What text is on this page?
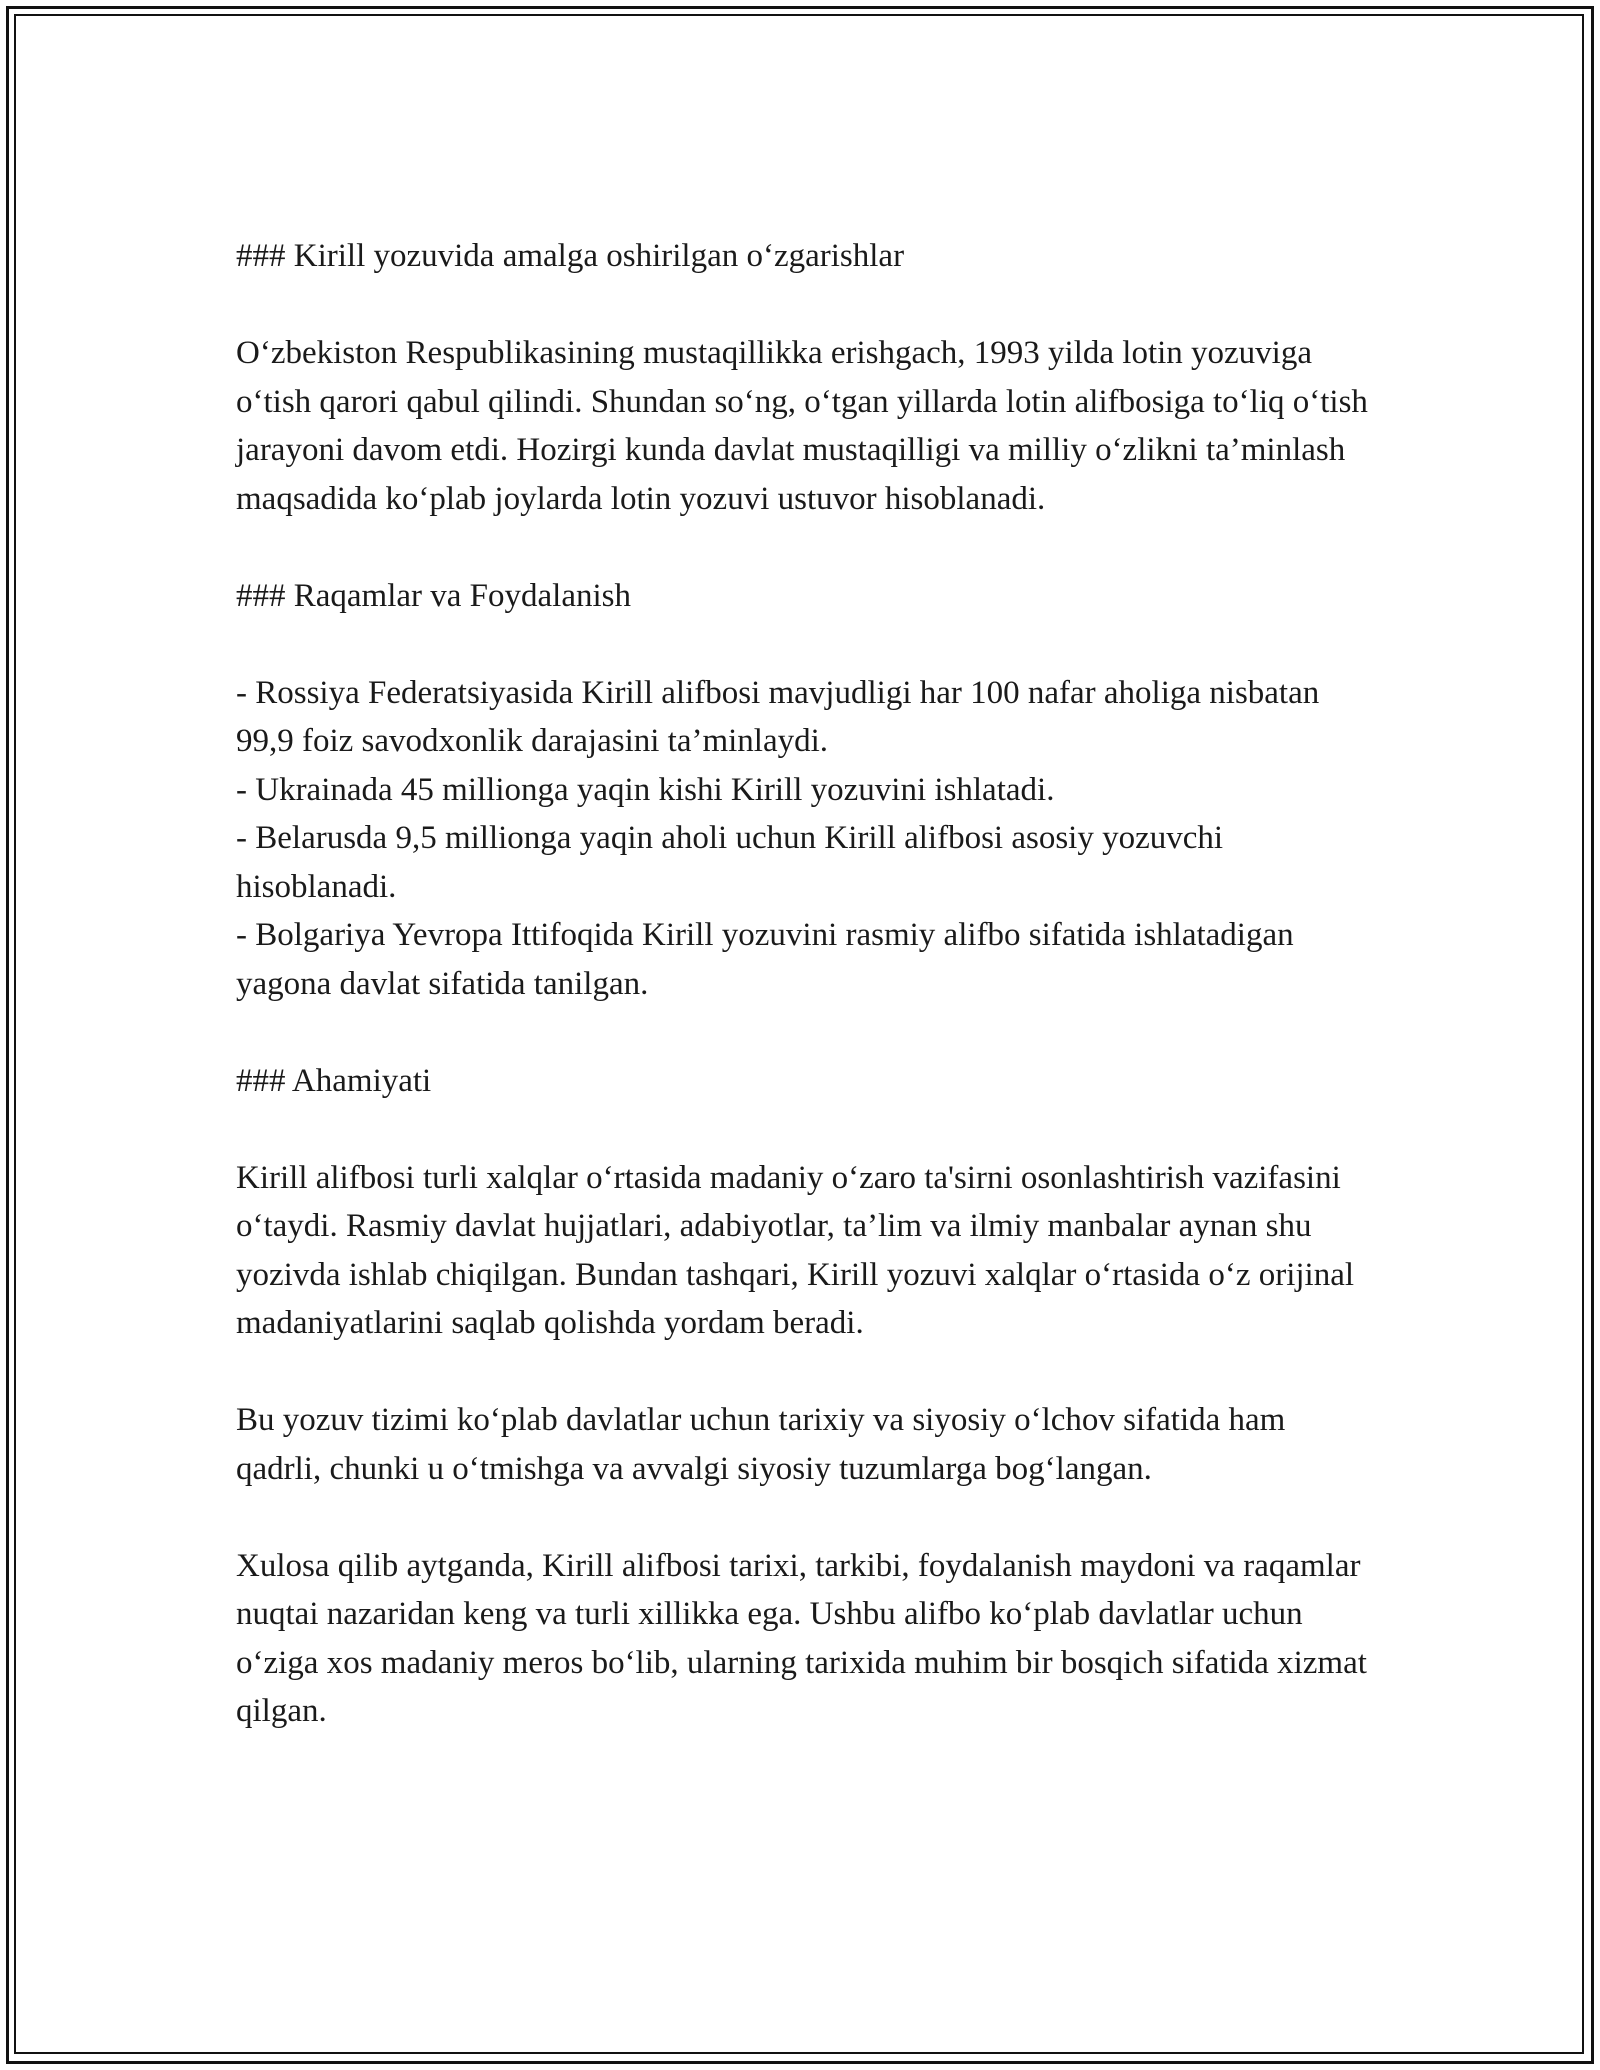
### Kirill yozuvida amalga oshirilgan o‘zgarishlar

O‘zbekiston Respublikasining mustaqillikka erishgach, 1993 yilda lotin yozuviga o‘tish qarori qabul qilindi. Shundan so‘ng, o‘tgan yillarda lotin alifbosiga to‘liq o‘tish jarayoni davom etdi. Hozirgi kunda davlat mustaqilligi va milliy o‘zlikni ta’minlash maqsadida ko‘plab joylarda lotin yozuvi ustuvor hisoblanadi.

### Raqamlar va Foydalanish

- Rossiya Federatsiyasida Kirill alifbosi mavjudligi har 100 nafar aholiga nisbatan 99,9 foiz savodxonlik darajasini ta’minlaydi.

- Ukrainada 45 millionga yaqin kishi Kirill yozuvini ishlatadi.

- Belarusda 9,5 millionga yaqin aholi uchun Kirill alifbosi asosiy yozuvchi hisoblanadi.

- Bolgariya Yevropa Ittifoqida Kirill yozuvini rasmiy alifbo sifatida ishlatadigan yagona davlat sifatida tanilgan.

### Ahamiyati

Kirill alifbosi turli xalqlar o‘rtasida madaniy o‘zaro ta'sirni osonlashtirish vazifasini o‘taydi. Rasmiy davlat hujjatlari, adabiyotlar, ta’lim va ilmiy manbalar aynan shu yozivda ishlab chiqilgan. Bundan tashqari, Kirill yozuvi xalqlar o‘rtasida o‘z orijinal madaniyatlarini saqlab qolishda yordam beradi.

Bu yozuv tizimi ko‘plab davlatlar uchun tarixiy va siyosiy o‘lchov sifatida ham qadrli, chunki u o‘tmishga va avvalgi siyosiy tuzumlarga bog‘langan.

Xulosa qilib aytganda, Kirill alifbosi tarixi, tarkibi, foydalanish maydoni va raqamlar nuqtai nazaridan keng va turli xillikka ega. Ushbu alifbo ko‘plab davlatlar uchun o‘ziga xos madaniy meros bo‘lib, ularning tarixida muhim bir bosqich sifatida xizmat qilgan.
